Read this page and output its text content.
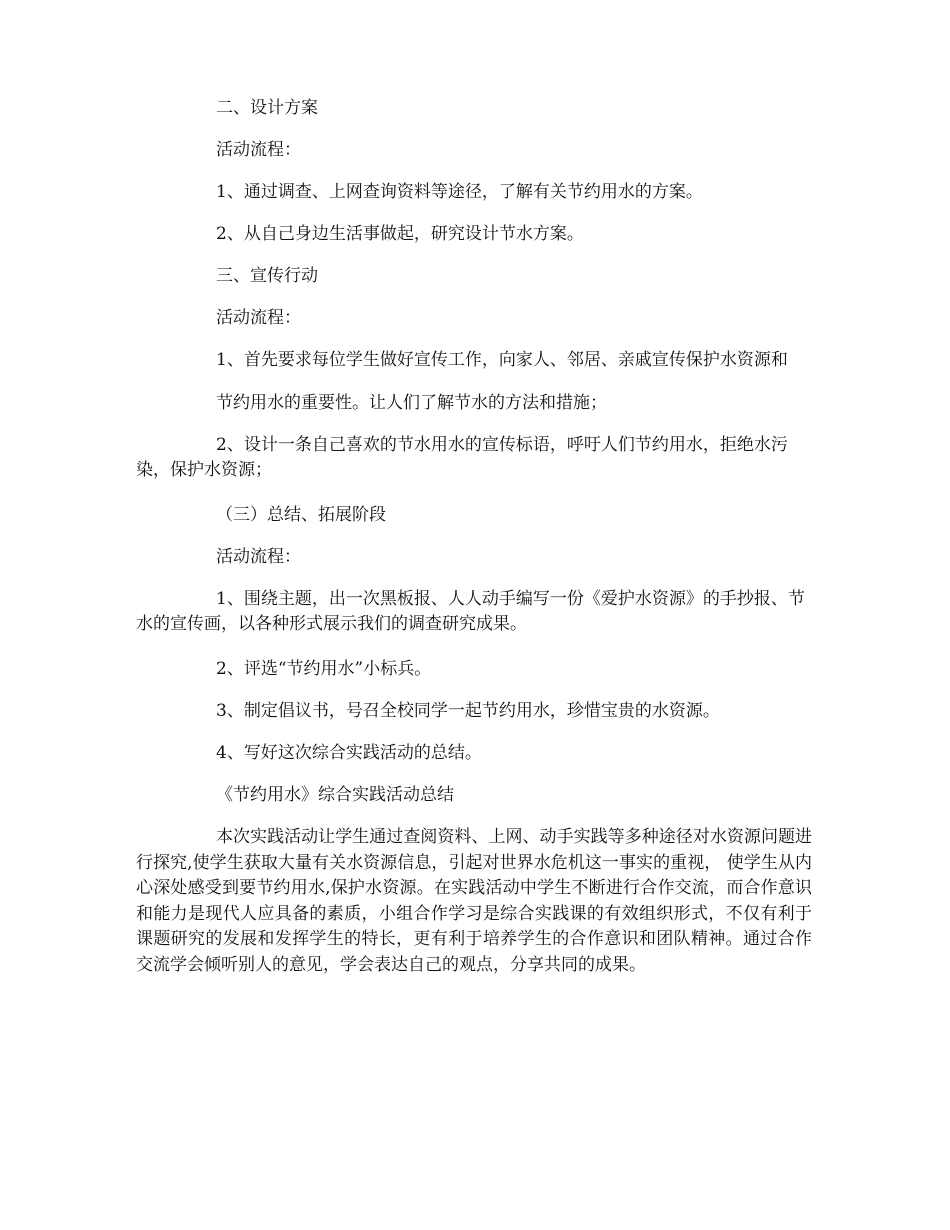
二、设计方案

活动流程：

1、通过调查、上网查询资料等途径，了解有关节约用水的方案。

2、从自己身边生活事做起，研究设计节水方案。

三、宣传行动

活动流程：

1、首先要求每位学生做好宣传工作，向家人、邻居、亲戚宣传保护水资源和

节约用水的重要性。让人们了解节水的方法和措施；

2、设计一条自己喜欢的节水用水的宣传标语，呼吁人们节约用水，拒绝水污染，保护水资源；

（三）总结、拓展阶段

活动流程：

1、围绕主题，出一次黑板报、人人动手编写一份《爱护水资源》的手抄报、节水的宣传画，以各种形式展示我们的调查研究成果。

2、评选“节约用水”小标兵。

3、制定倡议书，号召全校同学一起节约用水，珍惜宝贵的水资源。

4、写好这次综合实践活动的总结。

《节约用水》综合实践活动总结

本次实践活动让学生通过查阅资料、上网、动手实践等多种途径对水资源问题进行探究,使学生获取大量有关水资源信息，引起对世界水危机这一事实的重视， 使学生从内心深处感受到要节约用水,保护水资源。在实践活动中学生不断进行合作交流，而合作意识和能力是现代人应具备的素质，小组合作学习是综合实践课的有效组织形式，不仅有利于课题研究的发展和发挥学生的特长，更有利于培养学生的合作意识和团队精神。通过合作交流学会倾听别人的意见，学会表达自己的观点，分享共同的成果。
